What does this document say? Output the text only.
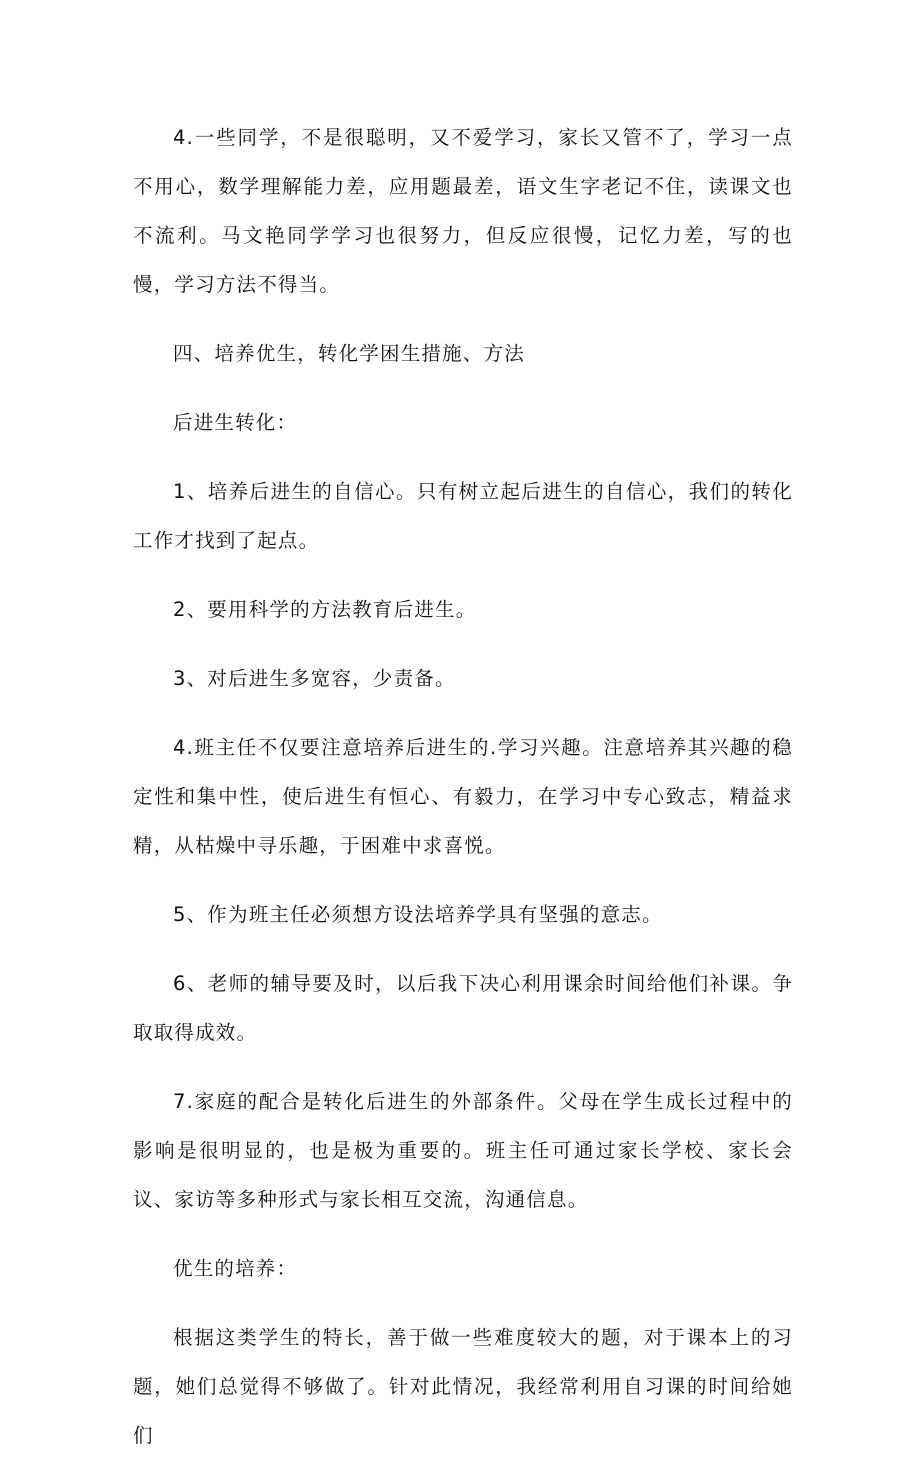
4.一些同学，不是很聪明，又不爱学习，家长又管不了，学习一点不用心，数学理解能力差，应用题最差，语文生字老记不住，读课文也不流利。马文艳同学学习也很努力，但反应很慢，记忆力差，写的也慢，学习方法不得当。

四、培养优生，转化学困生措施、方法

后进生转化：

1、培养后进生的自信心。只有树立起后进生的自信心，我们的转化工作才找到了起点。

2、要用科学的方法教育后进生。

3、对后进生多宽容，少责备。

4.班主任不仅要注意培养后进生的.学习兴趣。注意培养其兴趣的稳定性和集中性，使后进生有恒心、有毅力，在学习中专心致志，精益求精，从枯燥中寻乐趣，于困难中求喜悦。

5、作为班主任必须想方设法培养学具有坚强的意志。

6、老师的辅导要及时，以后我下决心利用课余时间给他们补课。争取取得成效。

7.家庭的配合是转化后进生的外部条件。父母在学生成长过程中的影响是很明显的，也是极为重要的。班主任可通过家长学校、家长会议、家访等多种形式与家长相互交流，沟通信息。

优生的培养：

根据这类学生的特长，善于做一些难度较大的题，对于课本上的习题，她们总觉得不够做了。针对此情况，我经常利用自习课的时间给她们
